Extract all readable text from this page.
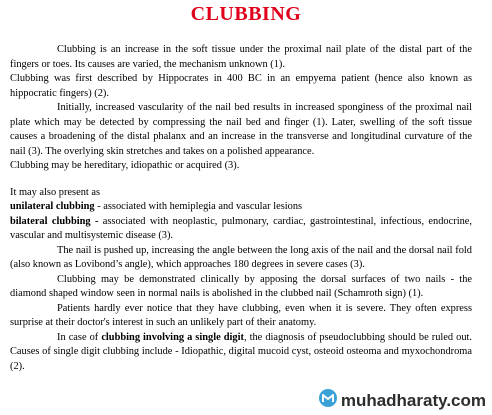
CLUBBING

Clubbing is an increase in the soft tissue under the proximal nail plate of the distal part of the fingers or toes. Its causes are varied, the mechanism unknown (1).

Clubbing was first described by Hippocrates in 400 BC in an empyema patient (hence also known as hippocratic fingers) (2).

Initially, increased vascularity of the nail bed results in increased sponginess of the proximal nail plate which may be detected by compressing the nail bed and finger (1). Later, swelling of the soft tissue causes a broadening of the distal phalanx and an increase in the transverse and longitudinal curvature of the nail (3). The overlying skin stretches and takes on a polished appearance.

Clubbing may be hereditary, idiopathic or acquired (3).

It may also present as

unilateral clubbing - associated with hemiplegia and vascular lesions

bilateral clubbing - associated with neoplastic, pulmonary, cardiac, gastrointestinal, infectious, endocrine, vascular and multisystemic disease (3).

The nail is pushed up, increasing the angle between the long axis of the nail and the dorsal nail fold (also known as Lovibond’s angle), which approaches 180 degrees in severe cases (3).

Clubbing may be demonstrated clinically by apposing the dorsal surfaces of two nails - the diamond shaped window seen in normal nails is abolished in the clubbed nail (Schamroth sign) (1).

Patients hardly ever notice that they have clubbing, even when it is severe. They often express surprise at their doctor's interest in such an unlikely part of their anatomy.

In case of clubbing involving a single digit, the diagnosis of pseudoclubbing should be ruled out. Causes of single digit clubbing include - Idiopathic, digital mucoid cyst, osteoid osteoma and myxochondroma (2).

muhadharaty.com
